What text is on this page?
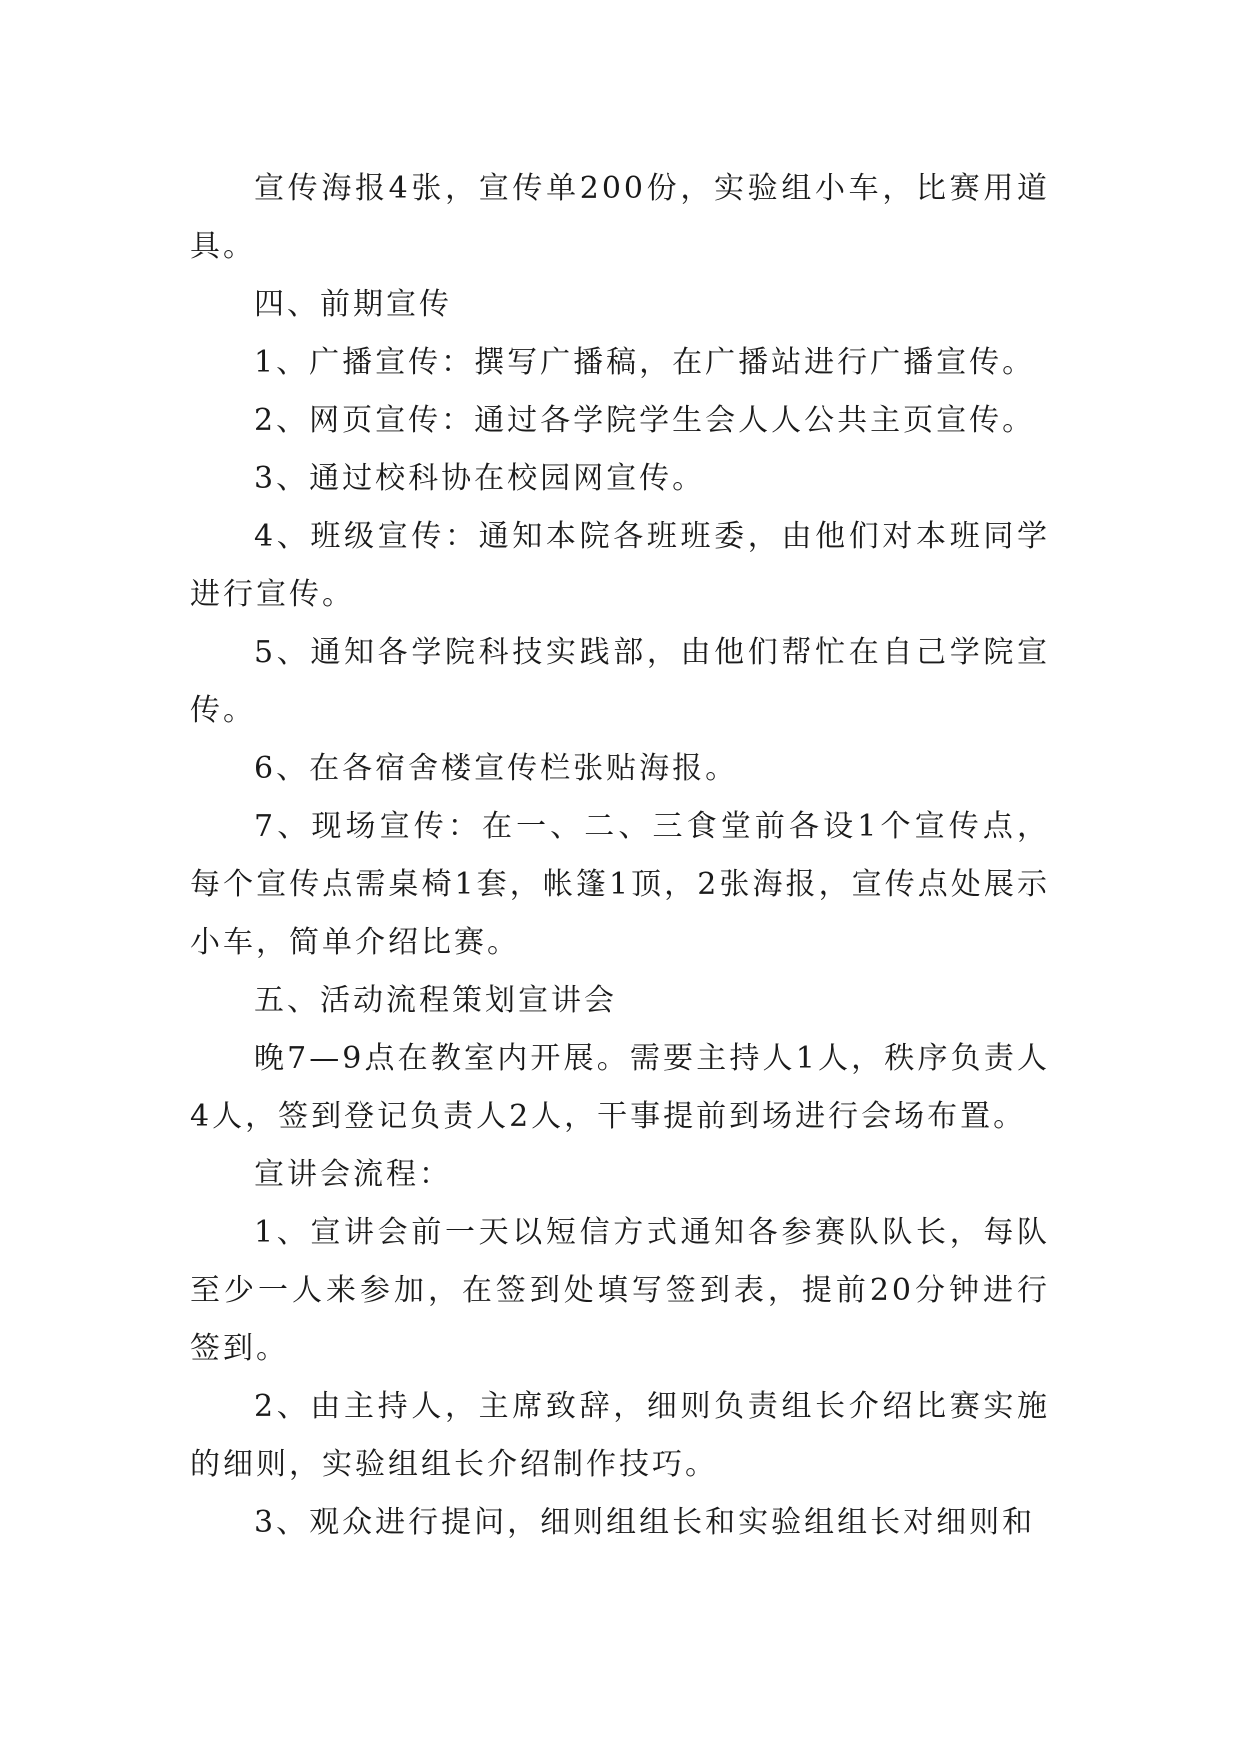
宣传海报4张，宣传单200份，实验组小车，比赛用道具。

四、前期宣传

1、广播宣传：撰写广播稿，在广播站进行广播宣传。

2、网页宣传：通过各学院学生会人人公共主页宣传。

3、通过校科协在校园网宣传。

4、班级宣传：通知本院各班班委，由他们对本班同学进行宣传。

5、通知各学院科技实践部，由他们帮忙在自己学院宣传。

6、在各宿舍楼宣传栏张贴海报。

7、现场宣传：在一、二、三食堂前各设1个宣传点，每个宣传点需桌椅1套，帐篷1顶，2张海报，宣传点处展示小车，简单介绍比赛。

五、活动流程策划宣讲会

晚7—9点在教室内开展。需要主持人1人，秩序负责人4人，签到登记负责人2人，干事提前到场进行会场布置。

宣讲会流程：

1、宣讲会前一天以短信方式通知各参赛队队长，每队至少一人来参加，在签到处填写签到表，提前20分钟进行签到。

2、由主持人，主席致辞，细则负责组长介绍比赛实施的细则，实验组组长介绍制作技巧。

3、观众进行提问，细则组组长和实验组组长对细则和
